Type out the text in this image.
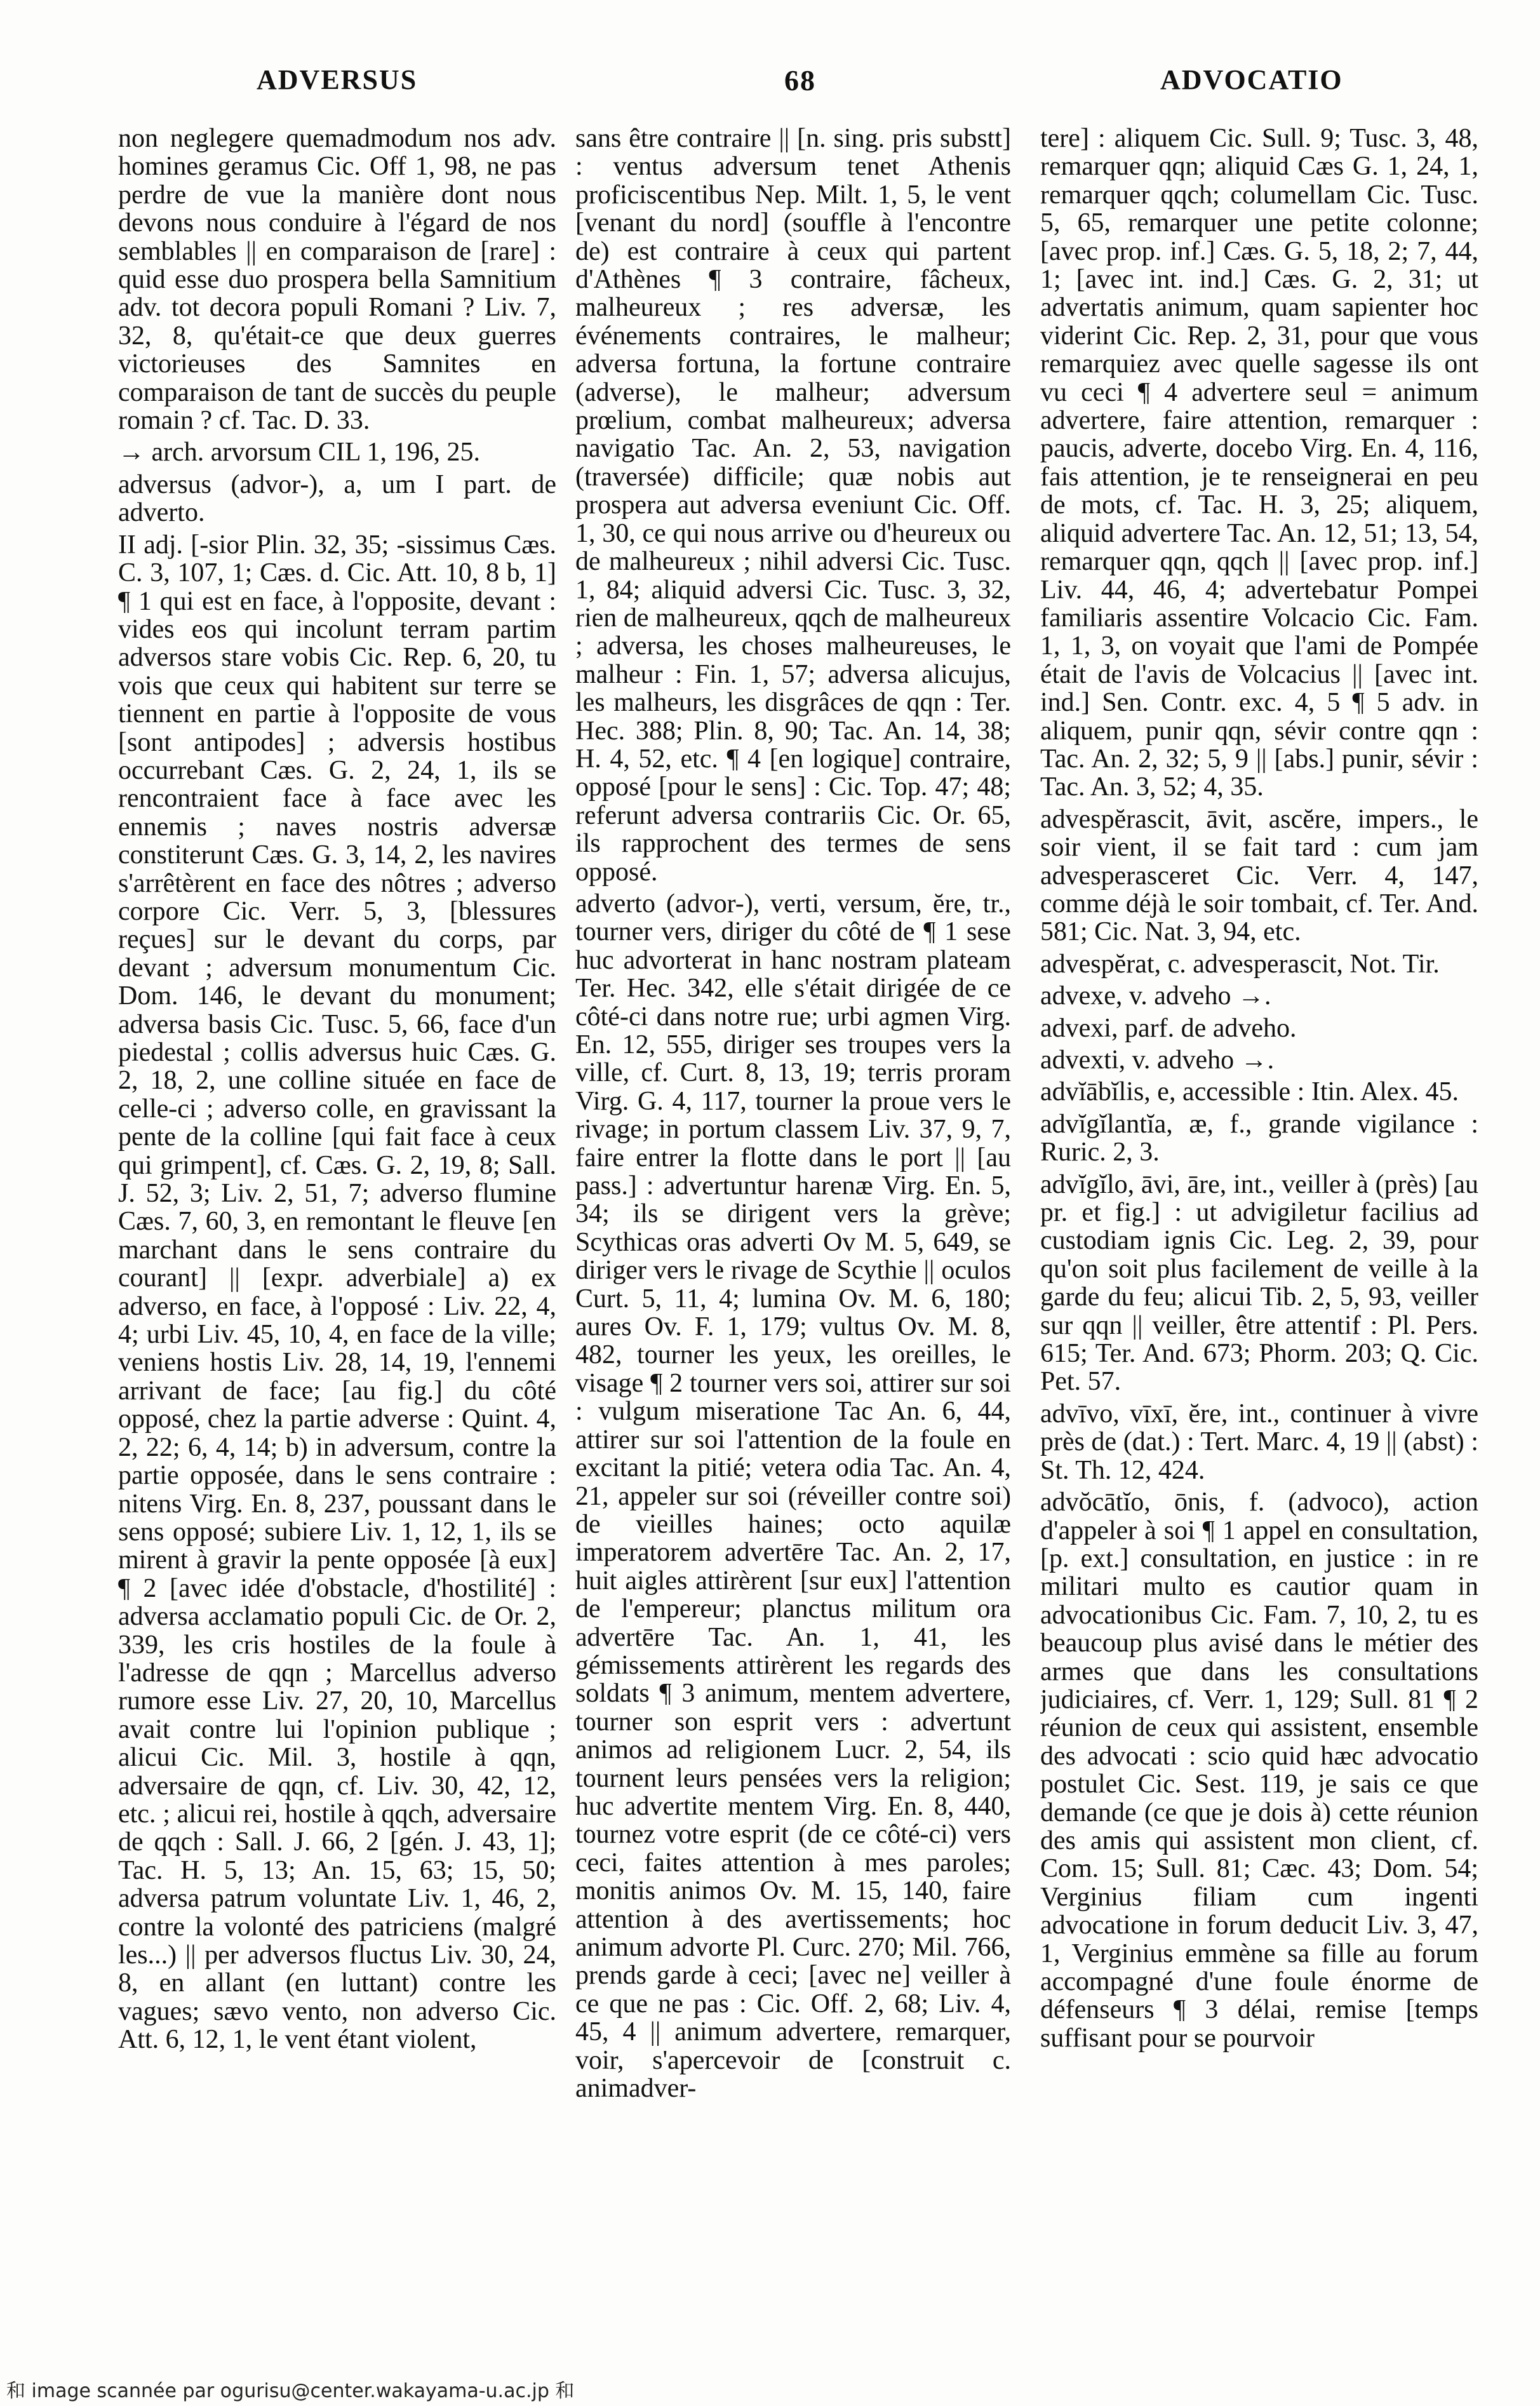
ADVERSUS	68	ADVOCATIO

non neglegere quemadmodum nos adv. homines geramus Cic. Off 1, 98, ne pas perdre de vue la manière dont nous devons nous conduire à l'égard de nos semblables || en comparaison de [rare] : quid esse duo prospera bella Samnitium adv. tot decora populi Romani ? Liv. 7, 32, 8, qu'était-ce que deux guerres victorieuses des Samnites en comparaison de tant de succès du peuple romain ? cf. Tac. D. 33.

→ arch. arvorsum CIL 1, 196, 25.

adversus (advor-), a, um I part. de adverto.

II adj. [-sior Plin. 32, 35; -sissimus Cæs. C. 3, 107, 1; Cæs. d. Cic. Att. 10, 8 b, 1] ¶ 1 qui est en face, à l'opposite, devant : vides eos qui incolunt terram partim adversos stare vobis Cic. Rep. 6, 20, tu vois que ceux qui habitent sur terre se tiennent en partie à l'opposite de vous [sont antipodes] ; adversis hostibus occurrebant Cæs. G. 2, 24, 1, ils se rencontraient face à face avec les ennemis ; naves nostris adversæ constiterunt Cæs. G. 3, 14, 2, les navires s'arrêtèrent en face des nôtres ; adverso corpore Cic. Verr. 5, 3, [blessures reçues] sur le devant du corps, par devant ; adversum monumentum Cic. Dom. 146, le devant du monument; adversa basis Cic. Tusc. 5, 66, face d'un piedestal ; collis adversus huic Cæs. G. 2, 18, 2, une colline située en face de celle-ci ; adverso colle, en gravissant la pente de la colline [qui fait face à ceux qui grimpent], cf. Cæs. G. 2, 19, 8; Sall. J. 52, 3; Liv. 2, 51, 7; adverso flumine Cæs. 7, 60, 3, en remontant le fleuve [en marchant dans le sens contraire du courant] || [expr. adverbiale] a) ex adverso, en face, à l'opposé : Liv. 22, 4, 4; urbi Liv. 45, 10, 4, en face de la ville; veniens hostis Liv. 28, 14, 19, l'ennemi arrivant de face; [au fig.] du côté opposé, chez la partie adverse : Quint. 4, 2, 22; 6, 4, 14; b) in adversum, contre la partie opposée, dans le sens contraire : nitens Virg. En. 8, 237, poussant dans le sens opposé; subiere Liv. 1, 12, 1, ils se mirent à gravir la pente opposée [à eux] ¶ 2 [avec idée d'obstacle, d'hostilité] : adversa acclamatio populi Cic. de Or. 2, 339, les cris hostiles de la foule à l'adresse de qqn ; Marcellus adverso rumore esse Liv. 27, 20, 10, Marcellus avait contre lui l'opinion publique ; alicui Cic. Mil. 3, hostile à qqn, adversaire de qqn, cf. Liv. 30, 42, 12, etc. ; alicui rei, hostile à qqch, adversaire de qqch : Sall. J. 66, 2 [gén. J. 43, 1]; Tac. H. 5, 13; An. 15, 63; 15, 50; adversa patrum voluntate Liv. 1, 46, 2, contre la volonté des patriciens (malgré les...) || per adversos fluctus Liv. 30, 24, 8, en allant (en luttant) contre les vagues; sævo vento, non adverso Cic. Att. 6, 12, 1, le vent étant violent,

sans être contraire || [n. sing. pris substt] : ventus adversum tenet Athenis proficiscentibus Nep. Milt. 1, 5, le vent [venant du nord] (souffle à l'encontre de) est contraire à ceux qui partent d'Athènes ¶ 3 contraire, fâcheux, malheureux ; res adversæ, les événements contraires, le malheur; adversa fortuna, la fortune contraire (adverse), le malheur; adversum prœlium, combat malheureux; adversa navigatio Tac. An. 2, 53, navigation (traversée) difficile; quæ nobis aut prospera aut adversa eveniunt Cic. Off. 1, 30, ce qui nous arrive ou d'heureux ou de malheureux ; nihil adversi Cic. Tusc. 1, 84; aliquid adversi Cic. Tusc. 3, 32, rien de malheureux, qqch de malheureux ; adversa, les choses malheureuses, le malheur : Fin. 1, 57; adversa alicujus, les malheurs, les disgrâces de qqn : Ter. Hec. 388; Plin. 8, 90; Tac. An. 14, 38; H. 4, 52, etc. ¶ 4 [en logique] contraire, opposé [pour le sens] : Cic. Top. 47; 48; referunt adversa contrariis Cic. Or. 65, ils rapprochent des termes de sens opposé.

adverto (advor-), verti, versum, ĕre, tr., tourner vers, diriger du côté de ¶ 1 sese huc advorterat in hanc nostram plateam Ter. Hec. 342, elle s'était dirigée de ce côté-ci dans notre rue; urbi agmen Virg. En. 12, 555, diriger ses troupes vers la ville, cf. Curt. 8, 13, 19; terris proram Virg. G. 4, 117, tourner la proue vers le rivage; in portum classem Liv. 37, 9, 7, faire entrer la flotte dans le port || [au pass.] : advertuntur harenæ Virg. En. 5, 34; ils se dirigent vers la grève; Scythicas oras adverti Ov M. 5, 649, se diriger vers le rivage de Scythie || oculos Curt. 5, 11, 4; lumina Ov. M. 6, 180; aures Ov. F. 1, 179; vultus Ov. M. 8, 482, tourner les yeux, les oreilles, le visage ¶ 2 tourner vers soi, attirer sur soi : vulgum miseratione Tac An. 6, 44, attirer sur soi l'attention de la foule en excitant la pitié; vetera odia Tac. An. 4, 21, appeler sur soi (réveiller contre soi) de vieilles haines; octo aquilæ imperatorem advertēre Tac. An. 2, 17, huit aigles attirèrent [sur eux] l'attention de l'empereur; planctus militum ora advertēre Tac. An. 1, 41, les gémissements attirèrent les regards des soldats ¶ 3 animum, mentem advertere, tourner son esprit vers : advertunt animos ad religionem Lucr. 2, 54, ils tournent leurs pensées vers la religion; huc advertite mentem Virg. En. 8, 440, tournez votre esprit (de ce côté-ci) vers ceci, faites attention à mes paroles; monitis animos Ov. M. 15, 140, faire attention à des avertissements; hoc animum advorte Pl. Curc. 270; Mil. 766, prends garde à ceci; [avec ne] veiller à ce que ne pas : Cic. Off. 2, 68; Liv. 4, 45, 4 || animum advertere, remarquer, voir, s'apercevoir de [construit c. animadver-

tere] : aliquem Cic. Sull. 9; Tusc. 3, 48, remarquer qqn; aliquid Cæs G. 1, 24, 1, remarquer qqch; columellam Cic. Tusc. 5, 65, remarquer une petite colonne; [avec prop. inf.] Cæs. G. 5, 18, 2; 7, 44, 1; [avec int. ind.] Cæs. G. 2, 31; ut advertatis animum, quam sapienter hoc viderint Cic. Rep. 2, 31, pour que vous remarquiez avec quelle sagesse ils ont vu ceci ¶ 4 advertere seul = animum advertere, faire attention, remarquer : paucis, adverte, docebo Virg. En. 4, 116, fais attention, je te renseignerai en peu de mots, cf. Tac. H. 3, 25; aliquem, aliquid advertere Tac. An. 12, 51; 13, 54, remarquer qqn, qqch || [avec prop. inf.] Liv. 44, 46, 4; advertebatur Pompei familiaris assentire Volcacio Cic. Fam. 1, 1, 3, on voyait que l'ami de Pompée était de l'avis de Volcacius || [avec int. ind.] Sen. Contr. exc. 4, 5 ¶ 5 adv. in aliquem, punir qqn, sévir contre qqn : Tac. An. 2, 32; 5, 9 || [abs.] punir, sévir : Tac. An. 3, 52; 4, 35.

advespĕrascit, āvit, ascĕre, impers., le soir vient, il se fait tard : cum jam advesperasceret Cic. Verr. 4, 147, comme déjà le soir tombait, cf. Ter. And. 581; Cic. Nat. 3, 94, etc.

advespĕrat, c. advesperascit, Not. Tir.

advexe, v. adveho →.

advexi, parf. de adveho.

advexti, v. adveho →.

advĭābĭlis, e, accessible : Itin. Alex. 45.

advĭgĭlantĭa, æ, f., grande vigilance : Ruric. 2, 3.

advĭgĭlo, āvi, āre, int., veiller à (près) [au pr. et fig.] : ut advigiletur facilius ad custodiam ignis Cic. Leg. 2, 39, pour qu'on soit plus facilement de veille à la garde du feu; alicui Tib. 2, 5, 93, veiller sur qqn || veiller, être attentif : Pl. Pers. 615; Ter. And. 673; Phorm. 203; Q. Cic. Pet. 57.

advīvo, vīxī, ĕre, int., continuer à vivre près de (dat.) : Tert. Marc. 4, 19 || (abst) : St. Th. 12, 424.

advŏcātĭo, ōnis, f. (advoco), action d'appeler à soi ¶ 1 appel en consultation, [p. ext.] consultation, en justice : in re militari multo es cautior quam in advocationibus Cic. Fam. 7, 10, 2, tu es beaucoup plus avisé dans le métier des armes que dans les consultations judiciaires, cf. Verr. 1, 129; Sull. 81 ¶ 2 réunion de ceux qui assistent, ensemble des advocati : scio quid hæc advocatio postulet Cic. Sest. 119, je sais ce que demande (ce que je dois à) cette réunion des amis qui assistent mon client, cf. Com. 15; Sull. 81; Cæc. 43; Dom. 54; Verginius filiam cum ingenti advocatione in forum deducit Liv. 3, 47, 1, Verginius emmène sa fille au forum accompagné d'une foule énorme de défenseurs ¶ 3 délai, remise [temps suffisant pour se pourvoir

和 image scannée par ogurisu@center.wakayama-u.ac.jp 和
